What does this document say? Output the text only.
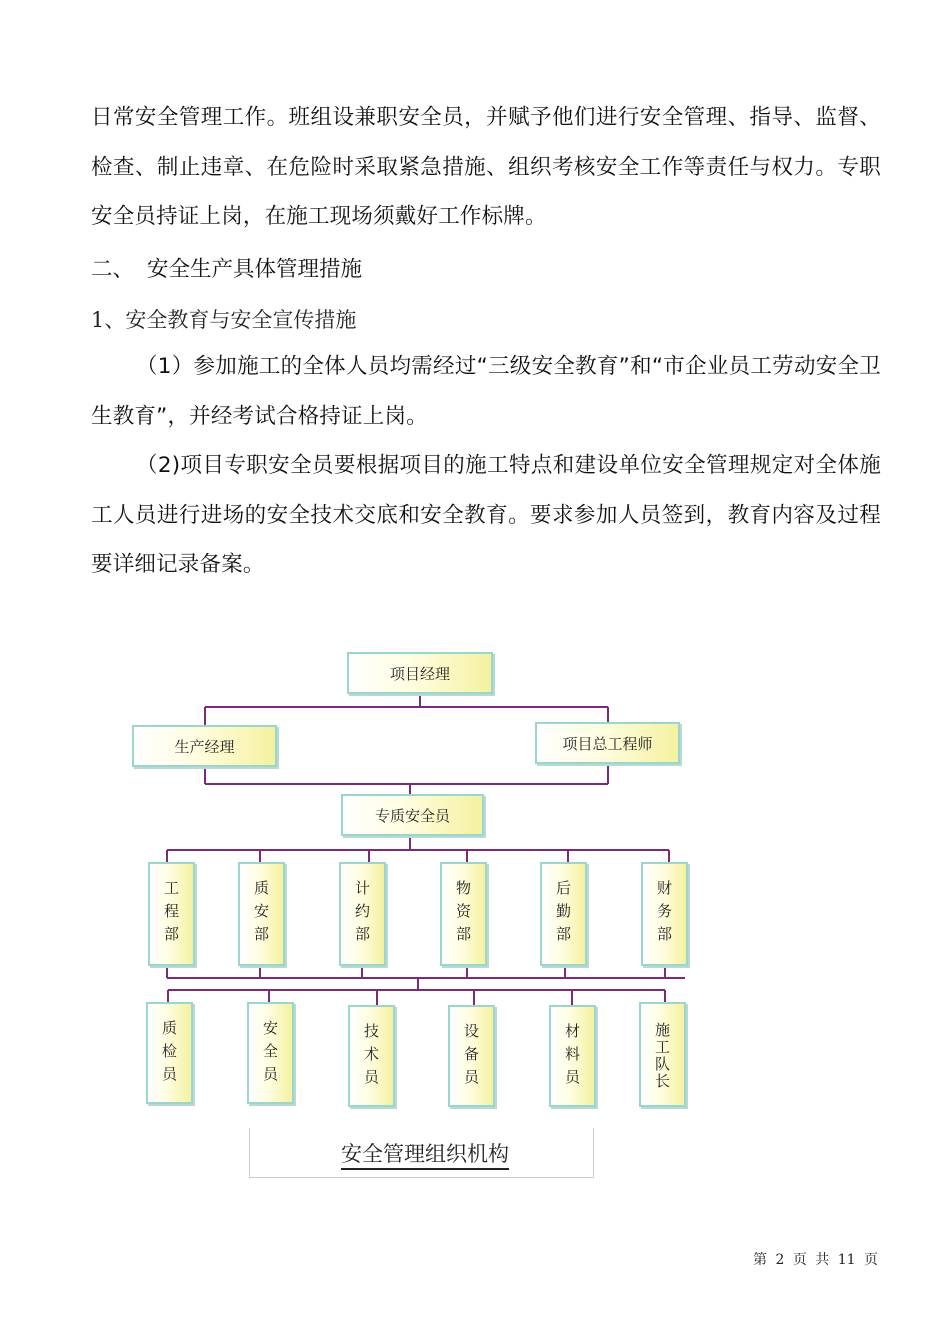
日常安全管理工作。班组设兼职安全员，并赋予他们进行安全管理、指导、监督、检查、制止违章、在危险时采取紧急措施、组织考核安全工作等责任与权力。专职安全员持证上岗，在施工现场须戴好工作标牌。

二、 安全生产具体管理措施
1、安全教育与安全宣传措施

（1）参加施工的全体人员均需经过“三级安全教育”和“市企业员工劳动安全卫生教育”，并经考试合格持证上岗。

（2)项目专职安全员要根据项目的施工特点和建设单位安全管理规定对全体施工人员进行进场的安全技术交底和安全教育。要求参加人员签到，教育内容及过程要详细记录备案。

项目经理
生产经理	项目总工程师
专质安全员
工程部	质安部	计约部	物资部	后勤部	财务部
质检员	安全员	技术员	设备员	材料员	施工队长
安全管理组织机构
第 2 页 共 11 页
